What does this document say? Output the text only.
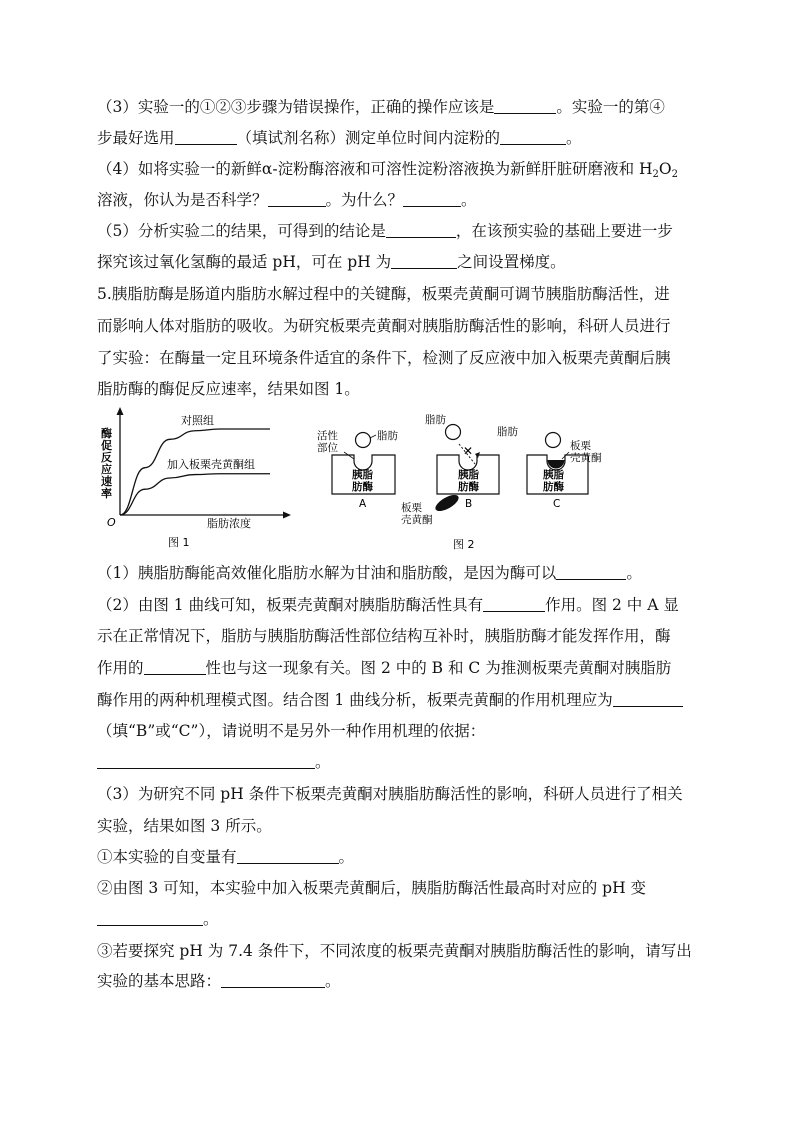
（3）实验一的①②③步骤为错误操作，正确的操作应该是	。实验一的第④
步最好选用	（填试剂名称）测定单位时间内淀粉的	。
（4）如将实验一的新鲜α-淀粉酶溶液和可溶性淀粉溶液换为新鲜肝脏研磨液和 $H_2O_2$
溶液，你认为是否科学？	。为什么？	。
（5）分析实验二的结果，可得到的结论是	，在该预实验的基础上要进一步
探究该过氧化氢酶的最适 pH，可在 pH 为	之间设置梯度。
5.胰脂肪酶是肠道内脂肪水解过程中的关键酶，板栗壳黄酮可调节胰脂肪酶活性，进
而影响人体对脂肪的吸收。为研究板栗壳黄酮对胰脂肪酶活性的影响，科研人员进行
了实验：在酶量一定且环境条件适宜的条件下，检测了反应液中加入板栗壳黄酮后胰
脂肪酶的酶促反应速率，结果如图 1。
（1）胰脂肪酶能高效催化脂肪水解为甘油和脂肪酸，是因为酶可以	。
（2）由图 1 曲线可知，板栗壳黄酮对胰脂肪酶活性具有	作用。图 2 中 A 显
示在正常情况下，脂肪与胰脂肪酶活性部位结构互补时，胰脂肪酶才能发挥作用，酶
作用的	性也与这一现象有关。图 2 中的 B 和 C 为推测板栗壳黄酮对胰脂肪
酶作用的两种机理模式图。结合图 1 曲线分析，板栗壳黄酮的作用机理应为
（填“B”或“C”），请说明不是另外一种作用机理的依据：
。
（3）为研究不同 pH 条件下板栗壳黄酮对胰脂肪酶活性的影响，科研人员进行了相关
实验，结果如图 3 所示。
①本实验的自变量有	。
②由图 3 可知，本实验中加入板栗壳黄酮后，胰脂肪酶活性最高时对应的 pH 变
。
③若要探究 pH 为 7.4 条件下，不同浓度的板栗壳黄酮对胰脂肪酶活性的影响，请写出
实验的基本思路：	。
对照组
加入板栗壳黄酮组
酶
促
反
应
速
率
O	脂肪浓度
图 1
脂肪
活性
部位
胰脂
肪酶
A
脂肪
✕
胰脂
肪酶
板栗
壳黄酮
B
脂肪
板栗
壳黄酮
胰脂
肪酶
C
图 2
